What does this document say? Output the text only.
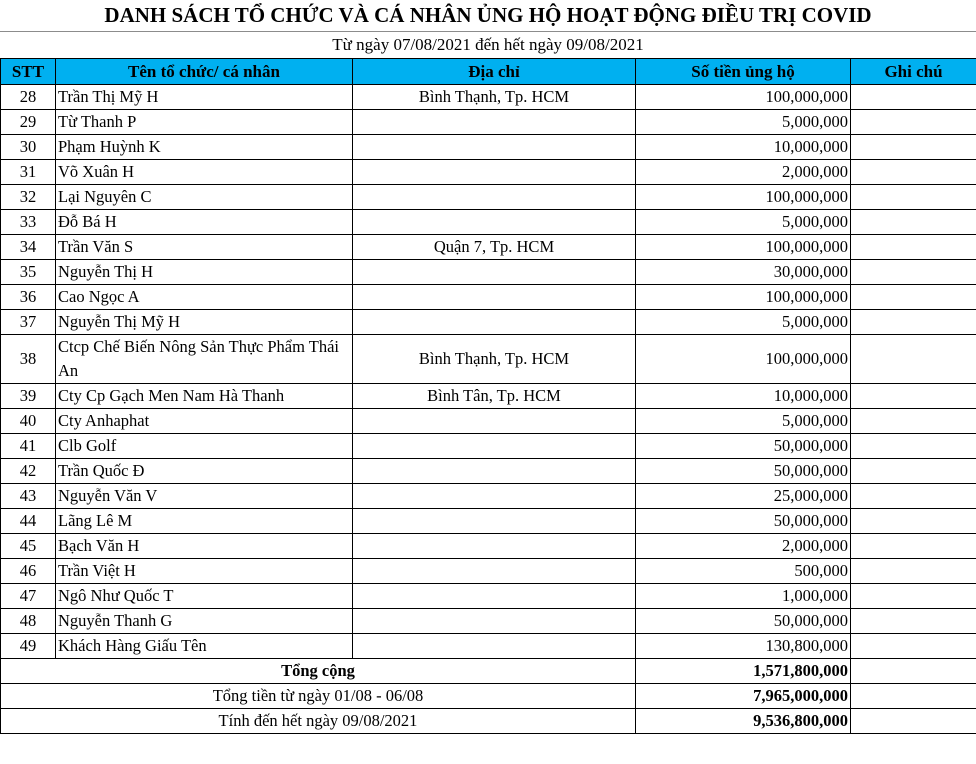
DANH SÁCH TỔ CHỨC VÀ CÁ NHÂN ỦNG HỘ HOẠT ĐỘNG ĐIỀU TRỊ COVID
Từ ngày 07/08/2021 đến hết ngày 09/08/2021
STT	Tên tổ chức/ cá nhân	Địa chỉ	Số tiền ủng hộ	Ghi chú
28	Trần Thị Mỹ H	Bình Thạnh, Tp. HCM	100,000,000	
29	Từ Thanh P		5,000,000	
30	Phạm Huỳnh K		10,000,000	
31	Võ Xuân H		2,000,000	
32	Lại Nguyên C		100,000,000	
33	Đỗ Bá H		5,000,000	
34	Trần Văn S	Quận 7, Tp. HCM	100,000,000	
35	Nguyễn Thị H		30,000,000	
36	Cao Ngọc A		100,000,000	
37	Nguyễn Thị Mỹ H		5,000,000	
38	Ctcp Chế Biến Nông Sản Thực Phẩm Thái An	Bình Thạnh, Tp. HCM	100,000,000	
39	Cty Cp Gạch Men Nam Hà Thanh	Bình Tân, Tp. HCM	10,000,000	
40	Cty Anhaphat		5,000,000	
41	Clb Golf		50,000,000	
42	Trần Quốc Đ		50,000,000	
43	Nguyễn Văn V		25,000,000	
44	Lãng Lê M		50,000,000	
45	Bạch Văn H		2,000,000	
46	Trần Việt H		500,000	
47	Ngô Như Quốc T		1,000,000	
48	Nguyễn Thanh G		50,000,000	
49	Khách Hàng Giấu Tên		130,800,000	
Tổng cộng			1,571,800,000	
Tổng tiền từ ngày 01/08 - 06/08			7,965,000,000	
Tính đến hết ngày 09/08/2021			9,536,800,000	
